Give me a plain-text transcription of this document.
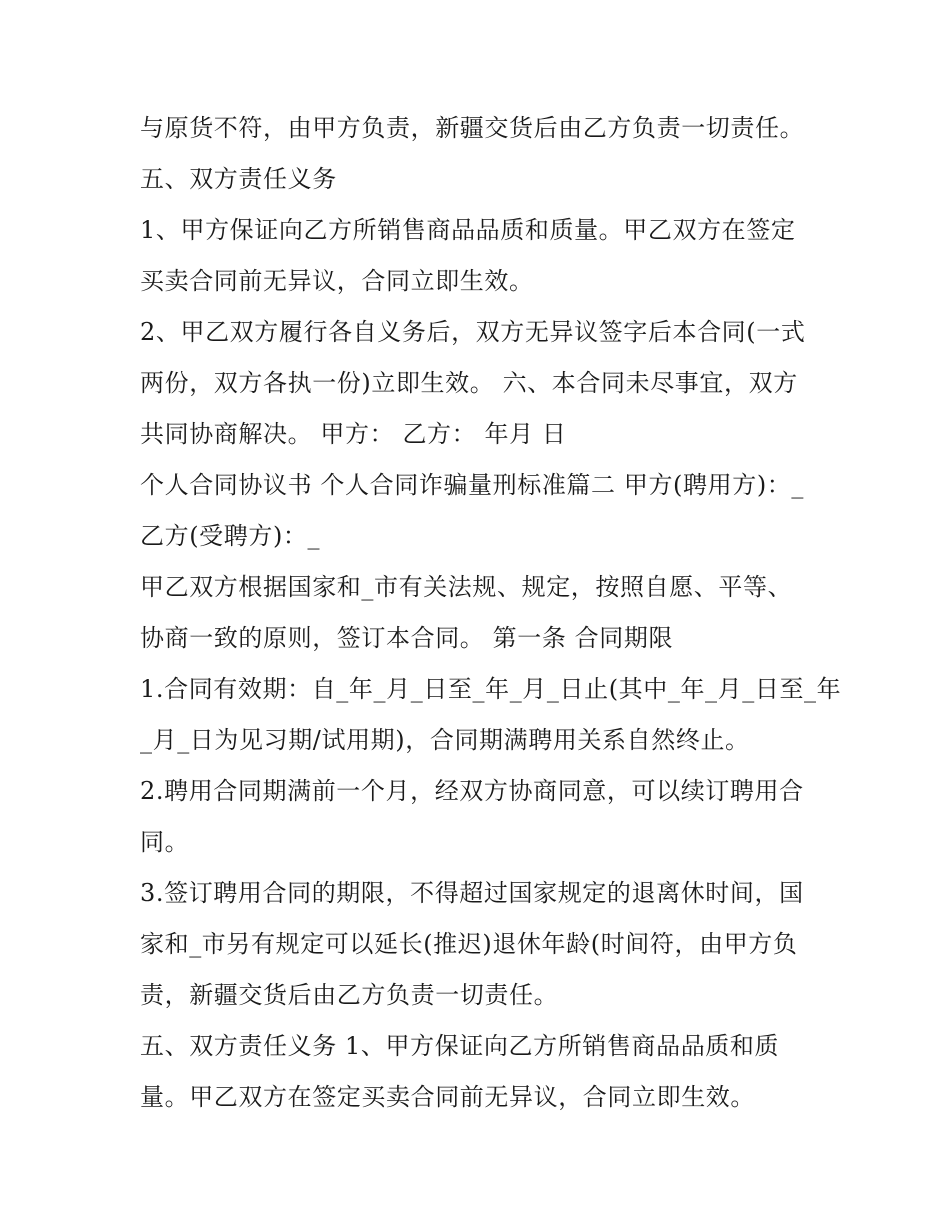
与原货不符，由甲方负责，新疆交货后由乙方负责一切责任。
五、双方责任义务
1、甲方保证向乙方所销售商品品质和质量。甲乙双方在签定
买卖合同前无异议，合同立即生效。
2、甲乙双方履行各自义务后，双方无异议签字后本合同(一式
两份，双方各执一份)立即生效。 六、本合同未尽事宜，双方
共同协商解决。 甲方： 乙方： 年月 日
个人合同协议书 个人合同诈骗量刑标准篇二 甲方(聘用方)：_
乙方(受聘方)：_
甲乙双方根据国家和_市有关法规、规定，按照自愿、平等、
协商一致的原则，签订本合同。 第一条 合同期限
1.合同有效期：自_年_月_日至_年_月_日止(其中_年_月_日至_年
_月_日为见习期/试用期)，合同期满聘用关系自然终止。
2.聘用合同期满前一个月，经双方协商同意，可以续订聘用合
同。
3.签订聘用合同的期限，不得超过国家规定的退离休时间，国
家和_市另有规定可以延长(推迟)退休年龄(时间符，由甲方负
责，新疆交货后由乙方负责一切责任。
五、双方责任义务 1、甲方保证向乙方所销售商品品质和质
量。甲乙双方在签定买卖合同前无异议，合同立即生效。
